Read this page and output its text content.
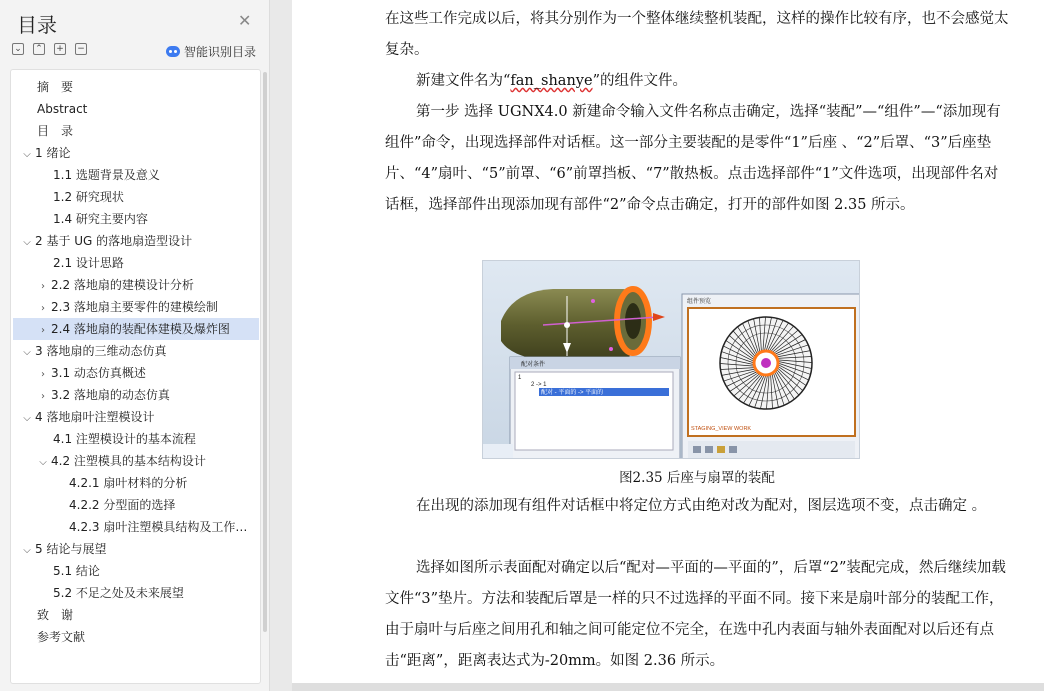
目录	✕
⌄ ⌃ + −	智能识别目录
摘　要
Abstract
目　录
⌵ 1 绪论
1.1 选题背景及意义
1.2 研究现状
1.4 研究主要内容
⌵ 2 基于 UG 的落地扇造型设计
2.1 设计思路
› 2.2 落地扇的建模设计分析
› 2.3 落地扇主要零件的建模绘制
› 2.4 落地扇的装配体建模及爆炸图
⌵ 3 落地扇的三维动态仿真
› 3.1 动态仿真概述
› 3.2 落地扇的动态仿真
⌵ 4 落地扇叶注塑模设计
4.1 注塑模设计的基本流程
⌵ 4.2 注塑模具的基本结构设计
4.2.1 扇叶材料的分析
4.2.2 分型面的选择
4.2.3 扇叶注塑模具结构及工作…
⌵ 5 结论与展望
5.1 结论
5.2 不足之处及未来展望
致　谢
参考文献
在这些工作完成以后，将其分别作为一个整体继续整机装配，这样的操作比较有序，也不会感觉太复杂。
新建文件名为“fan_shanye”的组件文件。
第一步 选择 UGNX4.0 新建命令输入文件名称点击确定，选择“装配”—“组件”—“添加现有组件”命令，出现选择部件对话框。这一部分主要装配的是零件“1”后座 、“2”后罩、“3”后座垫片、“4”扇叶、“5”前罩、“6”前罩挡板、“7”散热板。点击选择部件“1”文件选项，出现部件名对话框，选择部件出现添加现有部件“2”命令点击确定，打开的部件如图 2.35 所示。
配对条件
1
2 -> 1
配对 - 平面的 -> 平面的
组件预览
STAGING_VIEW WORK
图2.35 后座与扇罩的装配
在出现的添加现有组件对话框中将定位方式由绝对改为配对，图层选项不变，点击确定 。
选择如图所示表面配对确定以后“配对—平面的—平面的”，后罩“2”装配完成，然后继续加载文件“3”垫片。方法和装配后罩是一样的只不过选择的平面不同。接下来是扇叶部分的装配工作，由于扇叶与后座之间用孔和轴之间可能定位不完全，在选中孔内表面与轴外表面配对以后还有点击“距离”，距离表达式为-20mm。如图 2.36 所示。
